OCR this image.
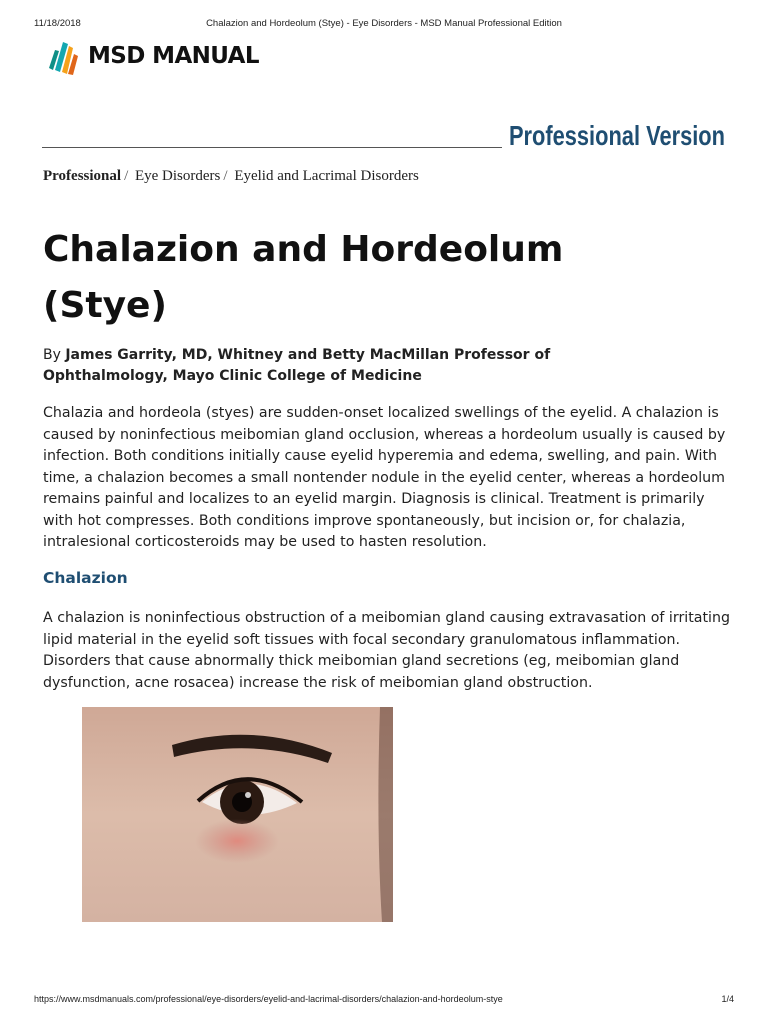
11/18/2018	Chalazion and Hordeolum (Stye) - Eye Disorders - MSD Manual Professional Edition
MSD MANUAL
Professional Version
Professional / Eye Disorders / Eyelid and Lacrimal Disorders
Chalazion and Hordeolum (Stye)
By James Garrity, MD, Whitney and Betty MacMillan Professor of Ophthalmology, Mayo Clinic College of Medicine

Chalazia and hordeola (styes) are sudden-onset localized swellings of the eyelid. A chalazion is caused by noninfectious meibomian gland occlusion, whereas a hordeolum usually is caused by infection. Both conditions initially cause eyelid hyperemia and edema, swelling, and pain. With time, a chalazion becomes a small nontender nodule in the eyelid center, whereas a hordeolum remains painful and localizes to an eyelid margin. Diagnosis is clinical. Treatment is primarily with hot compresses. Both conditions improve spontaneously, but incision or, for chalazia, intralesional corticosteroids may be used to hasten resolution.

Chalazion

A chalazion is noninfectious obstruction of a meibomian gland causing extravasation of irritating lipid material in the eyelid soft tissues with focal secondary granulomatous inflammation. Disorders that cause abnormally thick meibomian gland secretions (eg, meibomian gland dysfunction, acne rosacea) increase the risk of meibomian gland obstruction.

https://www.msdmanuals.com/professional/eye-disorders/eyelid-and-lacrimal-disorders/chalazion-and-hordeolum-stye	1/4
